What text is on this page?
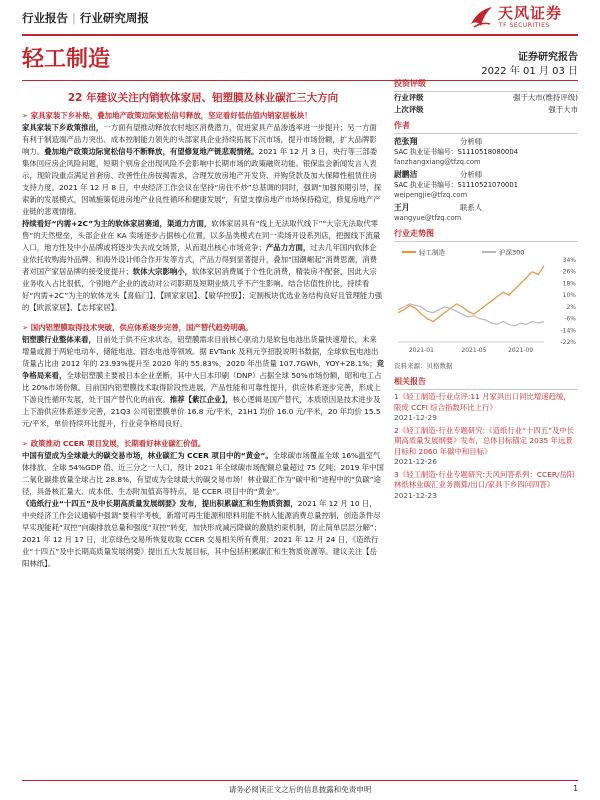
行业报告 | 行业研究周报	天风证券
TF SECURITIES
轻工制造	证券研究报告
2022 年 01 月 03 日
22 年建议关注内销软体家居、铝塑膜及林业碳汇三大方向

➢ 家具家装下乡补贴，叠加地产政策边际宽松信号释放，坚定看好低估值内销家居板块！

家具家装下乡政策推出，一方面有望推动释放农村地区消费潜力，促进家具产品渗透率进一步提升；另一方面有利于制造端产品力突出、成本控制能力领先的头部家具企业持续拓展下沉市场，提升市场份额，扩大品牌影响力。叠加地产政策边际宽松信号不断释放，有望修复地产链悲观情绪。2021 年 12 月 3 日，央行等三部委集体回应房企风险问题，短期个别房企出现风险不会影响中长期市场的政策融资功能。银保监会新闻发言人表示，现阶段重点满足首套房、改善性住房按揭需求，合理发放房地产开发贷、并购贷款及加大保障性租赁住房支持力度。2021 年 12 月 8 日，中央经济工作会议在坚持“房住不炒”总基调的同时，强调“加强预期引导，探索新的发展模式，因城施策促进房地产业良性循环和健康发展”，有望支撑房地产市场保持稳定，修复房地产产业链的悲观情绪。

持续看好“内需+2C”为主的软体家居赛道，渠道力方面，软体家居具有“线上无法取代线下”“大宗无法取代零售”的天然壁垒，头部企业在 KA 卖场逐步占据核心位置，以多品类模式在同一卖场开设系列店，把握线下流量入口，地方性及中小品牌或将逐步失去成交场景，从而退出核心市场竞争；产品力方面，过去几年国内软体企业依托收购海外品牌、和海外设计师合作开发等方式，产品力得到显著提升，叠加“国潮崛起”消费思潮，消费者对国产家居品牌的接受度提升；软体大宗影响小，软体家居消费属于个性化消费，精装房不配套，因此大宗业务收入占比很低，个别地产企业的波动对公司影期及短期业绩几乎不产生影响。结合估值性价比，持续看好“内需+2C”为主的软体龙头【喜临门】、【顾家家居】、【敏华控股】；定制板块优选业务结构良好且管理能力强的【欧派家居】、【志邦家居】。

➢ 国内铝塑膜取得技术突破，供应体系逐步完善，国产替代趋势明确。

铝塑膜行业整体来看，目前处于供不应求状态，铝塑膜需求目前核心驱动力是软包电池出货量快速增长，未来增量或源于两轮电动车、储能电池、固态电池等领域。据 EVTank 及利元亨招股说明书数据，全球软包电池出货量占比由 2012 年的 23.93%提升至 2020 年的 55.83%，2020 年出货量 107.7GWh，YOY+28.1%；竞争格局来看，全球铝塑膜主要被日本企业垄断，其中大日本印刷（DNP）占据全球 50%市场份额，昭和电工占比 20%市场份额。目前国内铝塑膜技术取得阶段性进展，产品性能和可靠性提升，供应体系逐步完善，形成上下游良性循环发展，处于国产替代化的前夜。推荐【紫江企业】，核心逻辑是国产替代，本质原因是技术进步及上下游供应体系逐步完善，21Q3 公司铝塑膜单价 16.8 元/平米，21H1 均价 16.0 元/平米，20 年均价 15.5 元/平米，单价持续环比提升，行业竞争格局良好。

➢ 政策推动 CCER 项目发展，长期看好林业碳汇价值。

中国有望成为全球最大的碳交易市场，林业碳汇为 CCER 项目中的“黄金”。全球碳市场覆盖全球 16%温室气体排放、全球 54%GDP 值、近三分之一人口，预计 2021 年全球碳市场配额总量超过 75 亿吨；2019 年中国二氧化碳排放量全球占比 28.8%，有望成为全球最大的碳交易市场！林业碳汇作为“碳中和”进程中的“负碳”途径，具备核汇量大、成本低、生态附加值高等特点，是 CCER 项目中的“黄金”。

《造纸行业“十四五”及中长期高质量发展纲要》发布，提出积累碳汇和生物质资源，2021 年 12 月 10 日，中央经济工作会议通稿中强调“要科学考核，新增可再生能源和原料用能不纳入能源消费总量控制，创造条件尽早实现能耗“双控”向碳排放总量和强度“双控”转变，加快形成减污降碳的激励约束机制，防止简单层层分解”；2021 年 12 月 17 日，北京绿色交易所恢复收取 CCER 交易相关所有费用；2021 年 12 月 24 日，《造纸行业“十四五”及中长期高质量发展纲要》提出五大发展目标，其中包括积累碳汇和生物质资源等。建议关注【岳阳林纸】。

投资评级
行业评级	强于大市(维持评级)
上次评级	强于大市
作者
范张翔	分析师
SAC 执业证书编号：S1110518080004
fanzhangxiang@tfzq.com
尉鹏洁	分析师
SAC 执业证书编号：S1110521070001
weipengjie@tfzq.com
王月	联系人
wangyue@tfzq.com
行业走势图
轻工制造	沪深300
34%
26%
18%
10%
2%
-6%
-14%
-22%
2021-01	2021-05	2021-09
资料来源：贝格数据
相关报告
1《轻工制造-行业点评:11 月家具出口同比增速趋缓，限废 CCFI 综合指数环比上行》
2021-12-29
2《轻工制造-行业专题研究:《造纸行业“十四五”及中长期高质量发展纲要》发布，总体目标锚定 2035 年远景目标和 2060 年碳中和目标》
2021-12-26
3《轻工制造-行业专题研究:天风问答系列：CCER/岳阳林纸林业碳汇业务测算/出口/家具下乡四问四答》
2021-12-23
请务必阅读正文之后的信息披露和免责申明	1
